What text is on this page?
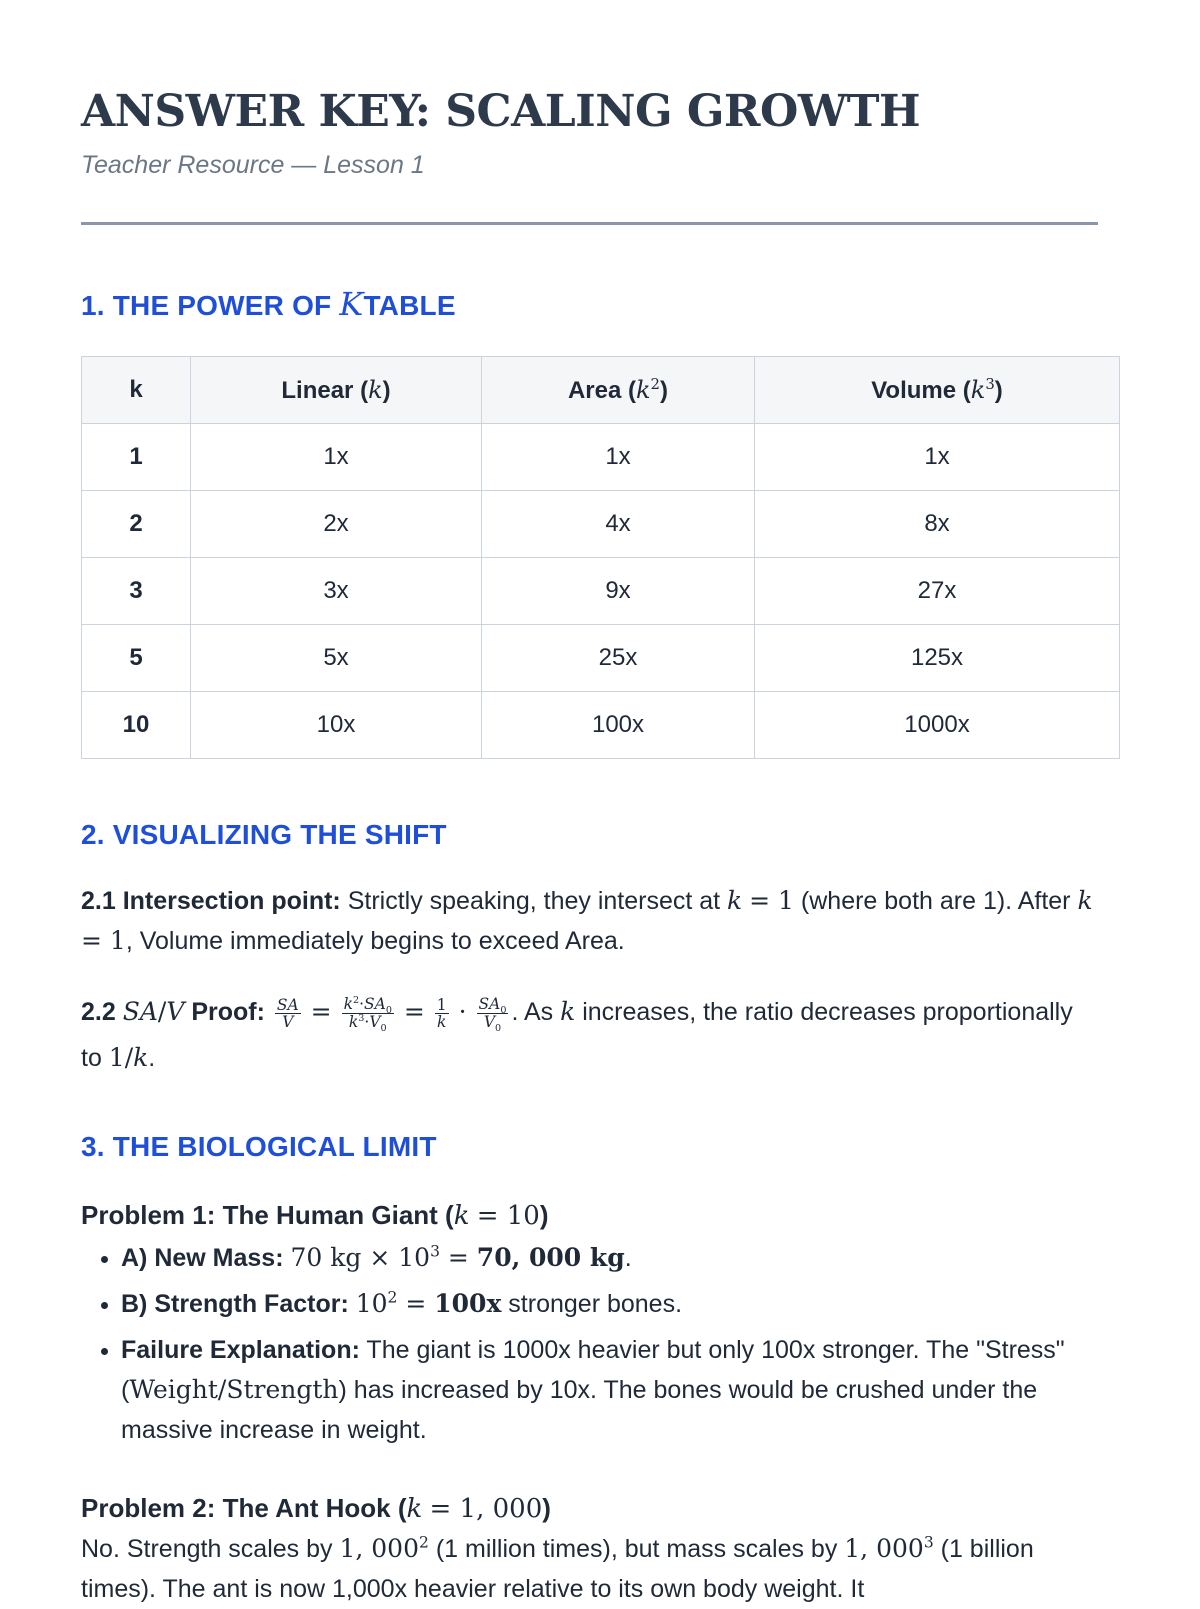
ANSWER KEY: SCALING GROWTH
Teacher Resource — Lesson 1
1. THE POWER OF KTABLE
k	Linear (k)	Area $(k^2)$	Volume $(k^3)$
1	1x	1x	1x
2	2x	4x	8x
3	3x	9x	27x
5	5x	25x	125x
10	10x	100x	1000x
2. VISUALIZING THE SHIFT

2.1 Intersection point: Strictly speaking, they intersect at k = 1 (where both are 1). After k = 1, Volume immediately begins to exceed Area.

2.2 SA/V Proof: $\frac{SA}{V} = \frac{k^2\cdot SA_0}{k^3\cdot V_0} = \frac{1}{k} \cdot \frac{SA_0}{V_0}$ . As k increases, the ratio decreases proportionally to 1/k.

3. THE BIOLOGICAL LIMIT

Problem 1: The Human Giant (k = 10)

• A) New Mass: 70 kg × $10^3 = 70$, 000 kg.
• B) Strength Factor: $10^2 = 100x$ stronger bones.
• Failure Explanation: The giant is 1000x heavier but only 100x stronger. The "Stress" (Weight/Strength) has increased by 10x. The bones would be crushed under the massive increase in weight.

Problem 2: The Ant Hook (k = 1, 000)

No. Strength scales by 1, $000^2$ (1 million times), but mass scales by 1, $000^3$ (1 billion times). The ant is now 1,000x heavier relative to its own body weight. It
